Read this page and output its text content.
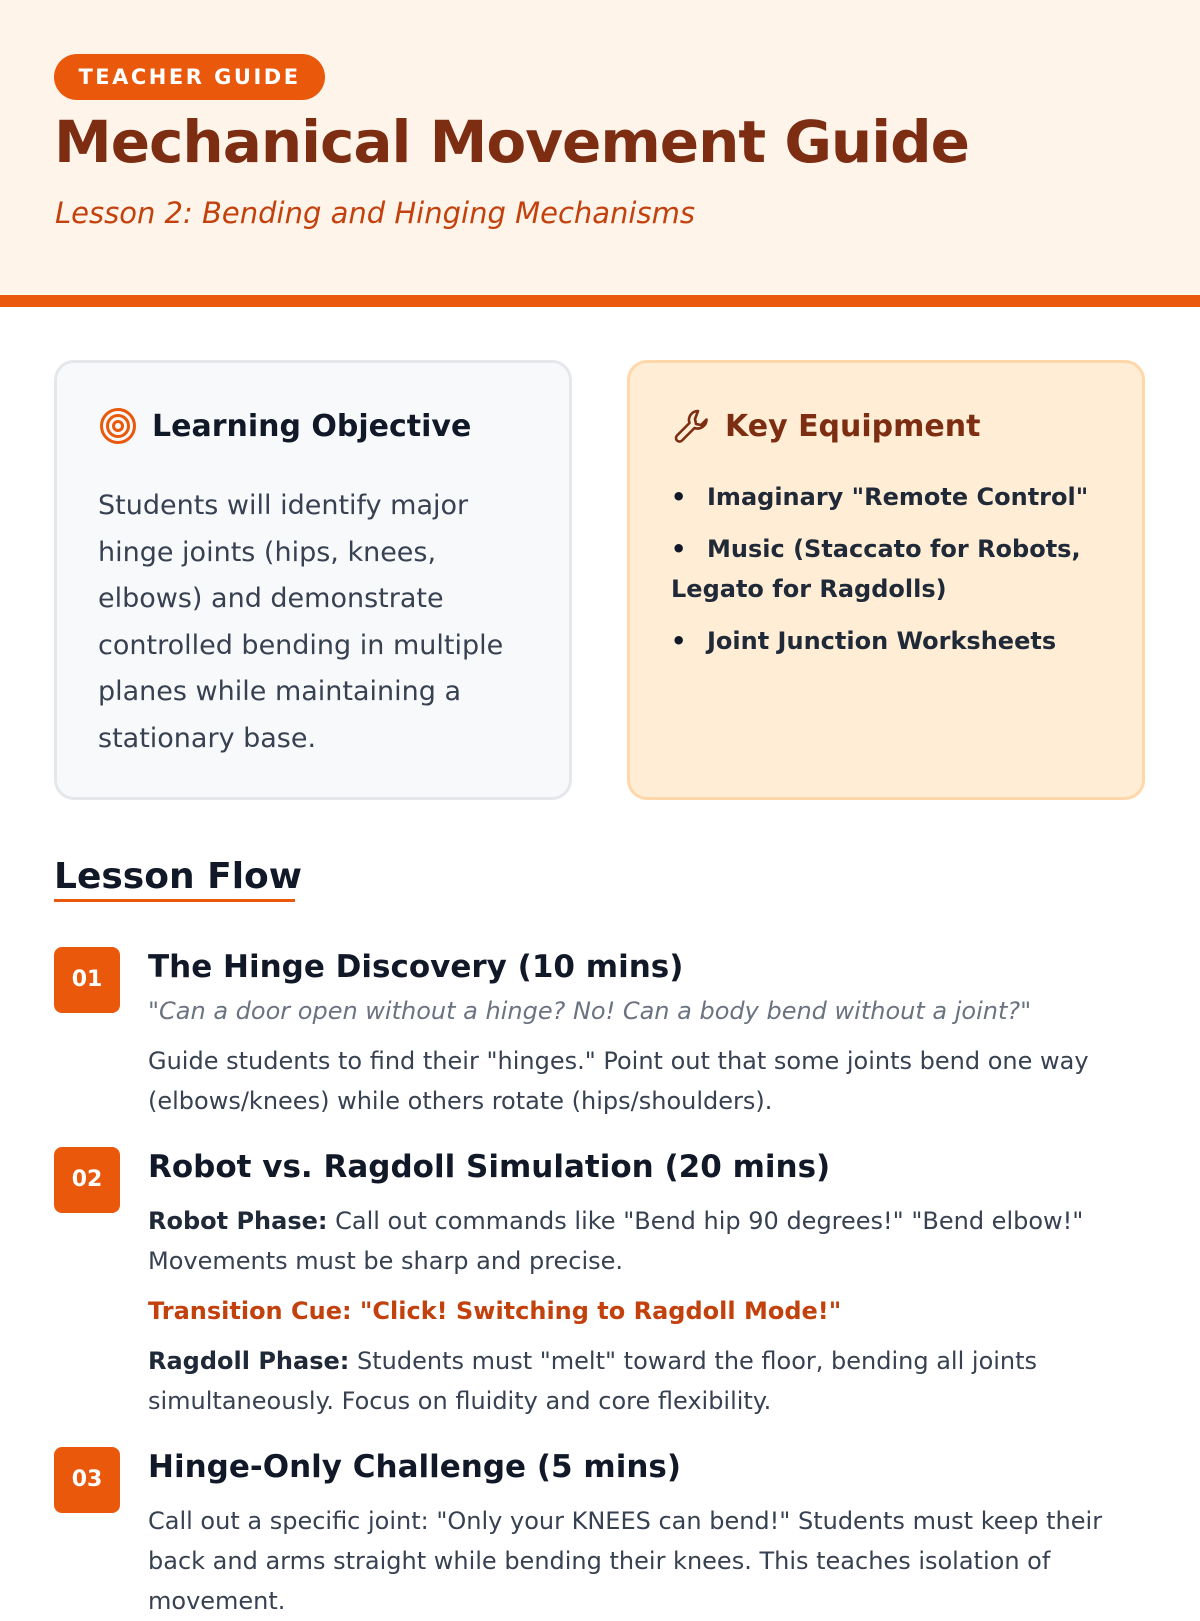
TEACHER GUIDE
Mechanical Movement Guide
Lesson 2: Bending and Hinging Mechanisms
Learning Objective

Students will identify major hinge joints (hips, knees, elbows) and demonstrate controlled bending in multiple planes while maintaining a stationary base.

Key Equipment
• Imaginary "Remote Control"
• Music (Staccato for Robots, Legato for Ragdolls)
• Joint Junction Worksheets
Lesson Flow
01	The Hinge Discovery (10 mins)
"Can a door open without a hinge? No! Can a body bend without a joint?"

Guide students to find their "hinges." Point out that some joints bend one way (elbows/knees) while others rotate (hips/shoulders).

02	Robot vs. Ragdoll Simulation (20 mins)

Robot Phase: Call out commands like "Bend hip 90 degrees!" "Bend elbow!" Movements must be sharp and precise.

Transition Cue: "Click! Switching to Ragdoll Mode!"

Ragdoll Phase: Students must "melt" toward the floor, bending all joints simultaneously. Focus on fluidity and core flexibility.

03	Hinge-Only Challenge (5 mins)

Call out a specific joint: "Only your KNEES can bend!" Students must keep their back and arms straight while bending their knees. This teaches isolation of movement.
